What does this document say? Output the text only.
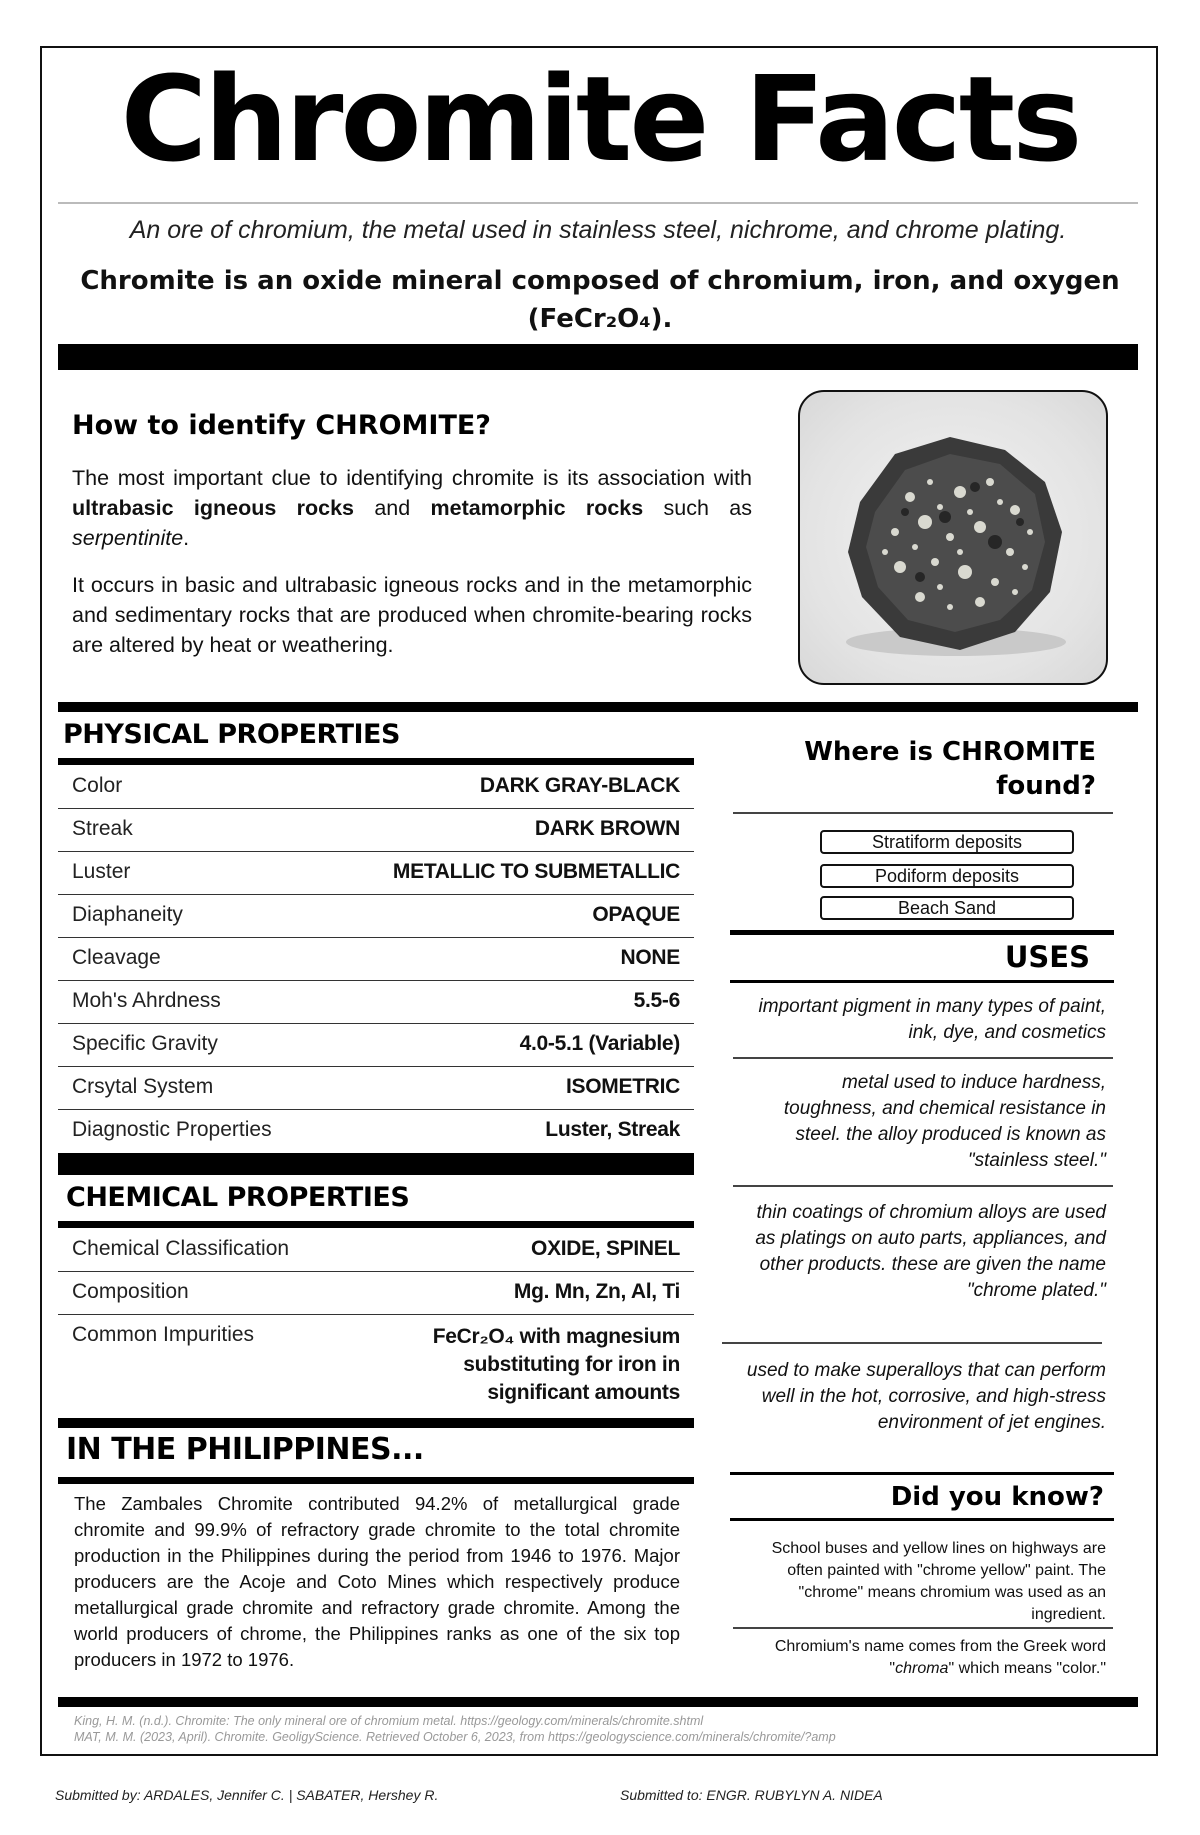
Chromite Facts
An ore of chromium, the metal used in stainless steel, nichrome, and chrome plating.
Chromite is an oxide mineral composed of chromium, iron, and oxygen
(FeCr₂O₄).
How to identify CHROMITE?
The most important clue to identifying chromite is its association with ultrabasic igneous rocks and metamorphic rocks such as serpentinite.
It occurs in basic and ultrabasic igneous rocks and in the metamorphic and sedimentary rocks that are produced when chromite-bearing rocks are altered by heat or weathering.
PHYSICAL PROPERTIES
Color	DARK GRAY-BLACK
Streak	DARK BROWN
Luster	METALLIC TO SUBMETALLIC
Diaphaneity	OPAQUE
Cleavage	NONE
Moh's Ahrdness	5.5-6
Specific Gravity	4.0-5.1 (Variable)
Crsytal System	ISOMETRIC
Diagnostic Properties	Luster, Streak
CHEMICAL PROPERTIES
Chemical Classification	OXIDE, SPINEL
Composition	Mg. Mn, Zn, Al, Ti
Common Impurities	FeCr₂O₄ with magnesium substituting for iron in significant amounts
IN THE PHILIPPINES...
The Zambales Chromite contributed 94.2% of metallurgical grade chromite and 99.9% of refractory grade chromite to the total chromite production in the Philippines during the period from 1946 to 1976. Major producers are the Acoje and Coto Mines which respectively produce metallurgical grade chromite and refractory grade chromite. Among the world producers of chrome, the Philippines ranks as one of the six top producers in 1972 to 1976.
Where is CHROMITE
found?
Stratiform deposits
Podiform deposits
Beach Sand
USES
important pigment in many types of paint, ink, dye, and cosmetics
metal used to induce hardness, toughness, and chemical resistance in steel. the alloy produced is known as "stainless steel."
thin coatings of chromium alloys are used as platings on auto parts, appliances, and other products. these are given the name "chrome plated."
used to make superalloys that can perform well in the hot, corrosive, and high-stress environment of jet engines.
Did you know?
School buses and yellow lines on highways are often painted with "chrome yellow" paint. The "chrome" means chromium was used as an ingredient.
Chromium's name comes from the Greek word "chroma" which means "color."
King, H. M. (n.d.). Chromite: The only mineral ore of chromium metal. https://geology.com/minerals/chromite.shtml
MAT, M. M. (2023, April). Chromite. GeoligyScience. Retrieved October 6, 2023, from https://geologyscience.com/minerals/chromite/?amp
Submitted by: ARDALES, Jennifer C. | SABATER, Hershey R.	Submitted to: ENGR. RUBYLYN A. NIDEA
